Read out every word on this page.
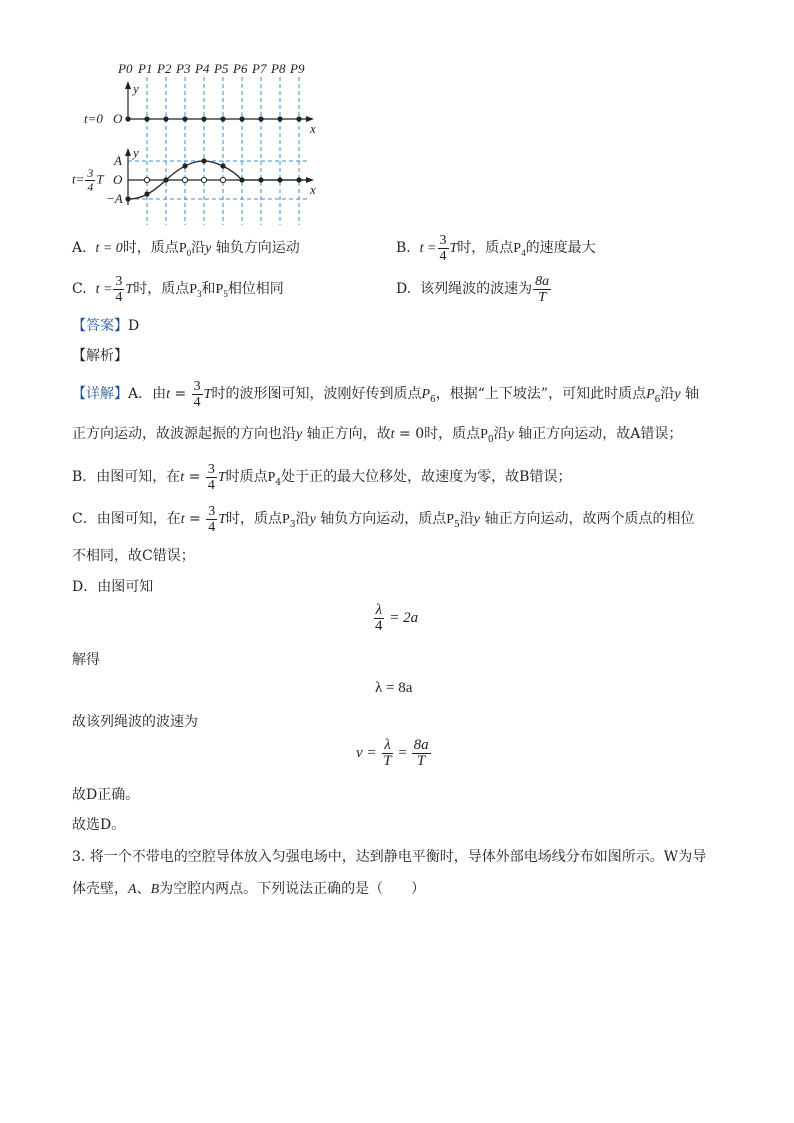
P0 P1 P2 P3 P4 P5 P6 P7 P8 P9
y
t=0 O
x
y
A
$t= \frac{3}{4}$ T O
x
−A
A. t = 0时，质点$P_0$沿y 轴负方向运动	B. $t = \frac{3}{4}$ T时，质点$P_4$的速度最大
C. $t = \frac{3}{4}$ T时，质点$P_3$和$P_5$相位相同	D. 该列绳波的波速为 $\frac{8a}{T}$
【答案】D
【解析】
【详解】A．由$t = \frac{3}{4}$ T时的波形图可知，波刚好传到质点$P_6$，根据“上下坡法”，可知此时质点$P_6$沿y 轴
正方向运动，故波源起振的方向也沿y 轴正方向，故t = 0时，质点$P_0$沿y 轴正方向运动，故A错误；
B．由图可知，在$t = \frac{3}{4}$ T时质点$P_4$处于正的最大位移处，故速度为零，故B错误；
C．由图可知，在$t = \frac{3}{4}$ T时，质点$P_3$沿y 轴负方向运动，质点$P_5$沿y 轴正方向运动，故两个质点的相位
不相同，故C错误；
D．由图可知
$\frac{\lambda}{4} = 2a$
解得
λ = 8a
故该列绳波的波速为
$v = \frac{\lambda}{T} = \frac{8a}{T}$
故D正确。
故选D。
3. 将一个不带电的空腔导体放入匀强电场中，达到静电平衡时，导体外部电场线分布如图所示。W为导
体壳壁，A、B为空腔内两点。下列说法正确的是（　　）
